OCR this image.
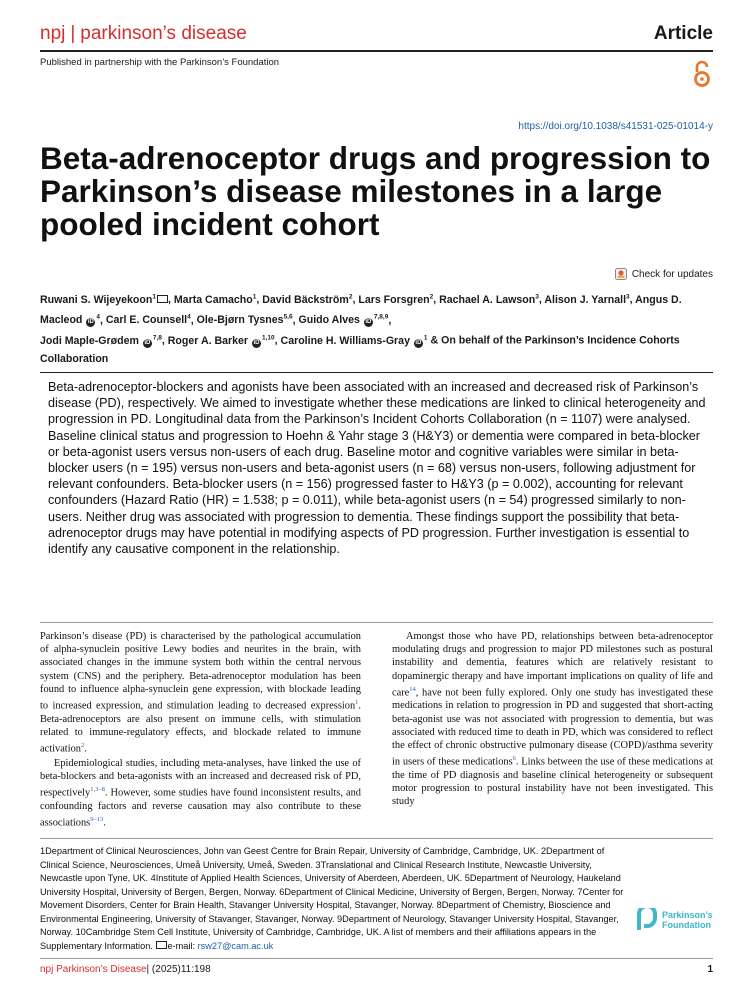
npj | parkinson’s disease	Article
Published in partnership with the Parkinson’s Foundation
https://doi.org/10.1038/s41531-025-01014-y
Beta-adrenoceptor drugs and progression to Parkinson’s disease milestones in a large pooled incident cohort
Check for updates
Ruwani S. Wijeyekoon$^1$ , Marta Camacho$^1$, David Bäckström$^2$, Lars Forsgren$^2$, Rachael A. Lawson$^3$, Alison J. Yarnall$^3$, Angus D. Macleod $iD^4$, Carl E. Counsell$^4$, Ole-Bjørn Tysnes$^{5,6}$, Guido Alves iD$^{7,8,9}$,
Jodi Maple-Grødem iD$^{7,8}$, Roger A. Barker iD$^{1,10}$, Caroline H. Williams-Gray $iD^1$ & On behalf of the Parkinson’s Incidence Cohorts Collaboration

Beta-adrenoceptor-blockers and agonists have been associated with an increased and decreased risk of Parkinson’s disease (PD), respectively. We aimed to investigate whether these medications are linked to clinical heterogeneity and progression in PD. Longitudinal data from the Parkinson’s Incident Cohorts Collaboration (n = 1107) were analysed. Baseline clinical status and progression to Hoehn & Yahr stage 3 (H&Y3) or dementia were compared in beta-blocker or beta-agonist users versus non-users of each drug. Baseline motor and cognitive variables were similar in beta-blocker users (n = 195) versus non-users and beta-agonist users (n = 68) versus non-users, following adjustment for relevant confounders. Beta-blocker users (n = 156) progressed faster to H&Y3 (p = 0.002), accounting for relevant confounders (Hazard Ratio (HR) = 1.538; p = 0.011), while beta-agonist users (n = 54) progressed similarly to non-users. Neither drug was associated with progression to dementia. These findings support the possibility that beta-adrenoceptor drugs may have potential in modifying aspects of PD progression. Further investigation is essential to identify any causative component in the relationship.

Parkinson’s disease (PD) is characterised by the pathological accumulation of alpha-synuclein positive Lewy bodies and neurites in the brain, with associated changes in the immune system both within the central nervous system (CNS) and the periphery. Beta-adrenoceptor modulation has been found to influence alpha-synuclein gene expression, with blockade leading to increased expression, and stimulation leading to decreased expression$^1$. Beta-adrenoceptors are also present on immune cells, with stimulation related to immune-regulatory effects, and blockade related to immune activation$^2$.

Epidemiological studies, including meta-analyses, have linked the use of beta-blockers and beta-agonists with an increased and decreased risk of PD, respectively$^{1,3-8}$. However, some studies have found inconsistent results, and confounding factors and reverse causation may also contribute to these associations$^{9-13}$.

Amongst those who have PD, relationships between beta-adrenoceptor modulating drugs and progression to major PD milestones such as postural instability and dementia, features which are relatively resistant to dopaminergic therapy and have important implications on quality of life and care$^{14}$, have not been fully explored. Only one study has investigated these medications in relation to progression in PD and suggested that short-acting beta-agonist use was not associated with progression to dementia, but was associated with reduced time to death in PD, which was considered to reflect the effect of chronic obstructive pulmonary disease (COPD)/asthma severity in users of these medications$^6$. Links between the use of these medications at the time of PD diagnosis and baseline clinical heterogeneity or subsequent motor progression to postural instability have not been investigated. This study

1Department of Clinical Neurosciences, John van Geest Centre for Brain Repair, University of Cambridge, Cambridge, UK. 2Department of Clinical Science, Neurosciences, Umeå University, Umeå, Sweden. 3Translational and Clinical Research Institute, Newcastle University, Newcastle upon Tyne, UK. 4Institute of Applied Health Sciences, University of Aberdeen, Aberdeen, UK. 5Department of Neurology, Haukeland University Hospital, University of Bergen, Bergen, Norway. 6Department of Clinical Medicine, University of Bergen, Bergen, Norway. 7Center for Movement Disorders, Center for Brain Health, Stavanger University Hospital, Stavanger, Norway. 8Department of Chemistry, Bioscience and Environmental Engineering, University of Stavanger, Stavanger, Norway. 9Department of Neurology, Stavanger University Hospital, Stavanger, Norway. 10Cambridge Stem Cell Institute, University of Cambridge, Cambridge, UK. A list of members and their affiliations appears in the Supplementary Information. e-mail: rsw27@cam.ac.uk
Parkinson’s
Foundation
npj Parkinson’s Disease| (2025)11:198	1
